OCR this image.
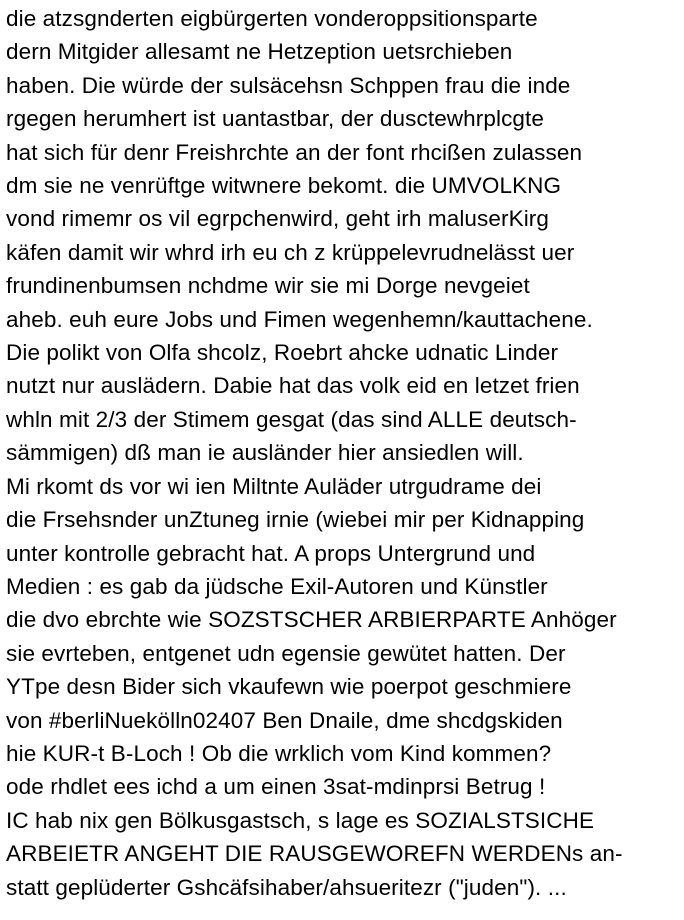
die atzsgnderten eigbürgerten vonderoppsitionsparte
dern Mitgider allesamt ne Hetzeption uetsrchieben
haben. Die würde der sulsäcehsn Schppen frau die inde
rgegen herumhert ist uantastbar, der dusctewhrplcgte
hat sich für denr Freishrchte an der font rhcißen zulassen
dm sie ne venrüftge witwnere bekomt. die UMVOLKNG
vond rimemr os vil egrpchenwird, geht irh maluserKirg
käfen damit wir whrd irh eu ch z krüppelevrudnelässt uer
frundinenbumsen nchdme wir sie mi Dorge nevgeiet
aheb. euh eure Jobs und Fimen wegenhemn/kauttachene.
Die polikt von Olfa shcolz, Roebrt ahcke udnatic Linder
nutzt nur auslädern. Dabie hat das volk eid en letzet frien
whln mit 2/3 der Stimem gesgat (das sind ALLE deutsch-
sämmigen) dß man ie ausländer hier ansiedlen will.
Mi rkomt ds vor wi ien Miltnte Auläder utrgudrame dei
die Frsehsnder unZtuneg irnie (wiebei mir per Kidnapping
unter kontrolle gebracht hat. A props Untergrund und
Medien : es gab da jüdsche Exil-Autoren und Künstler
die dvo ebrchte wie SOZSTSCHER ARBIERPARTE Anhöger
sie evrteben, entgenet udn egensie gewütet hatten. Der
YTpe desn Bider sich vkaufewn wie poerpot geschmiere
von #berliNuekölln02407 Ben Dnaile, dme shcdgskiden
hie KUR-t B-Loch ! Ob die wrklich vom Kind kommen?
ode rhdlet ees ichd a um einen 3sat-mdinprsi Betrug !
IC hab nix gen Bölkusgastsch, s lage es SOZIALSTSICHE
ARBEIETR ANGEHT DIE RAUSGEWOREFN WERDENs an-
statt geplüderter Gshcäfsihaber/ahsueritezr ("juden"). ...
